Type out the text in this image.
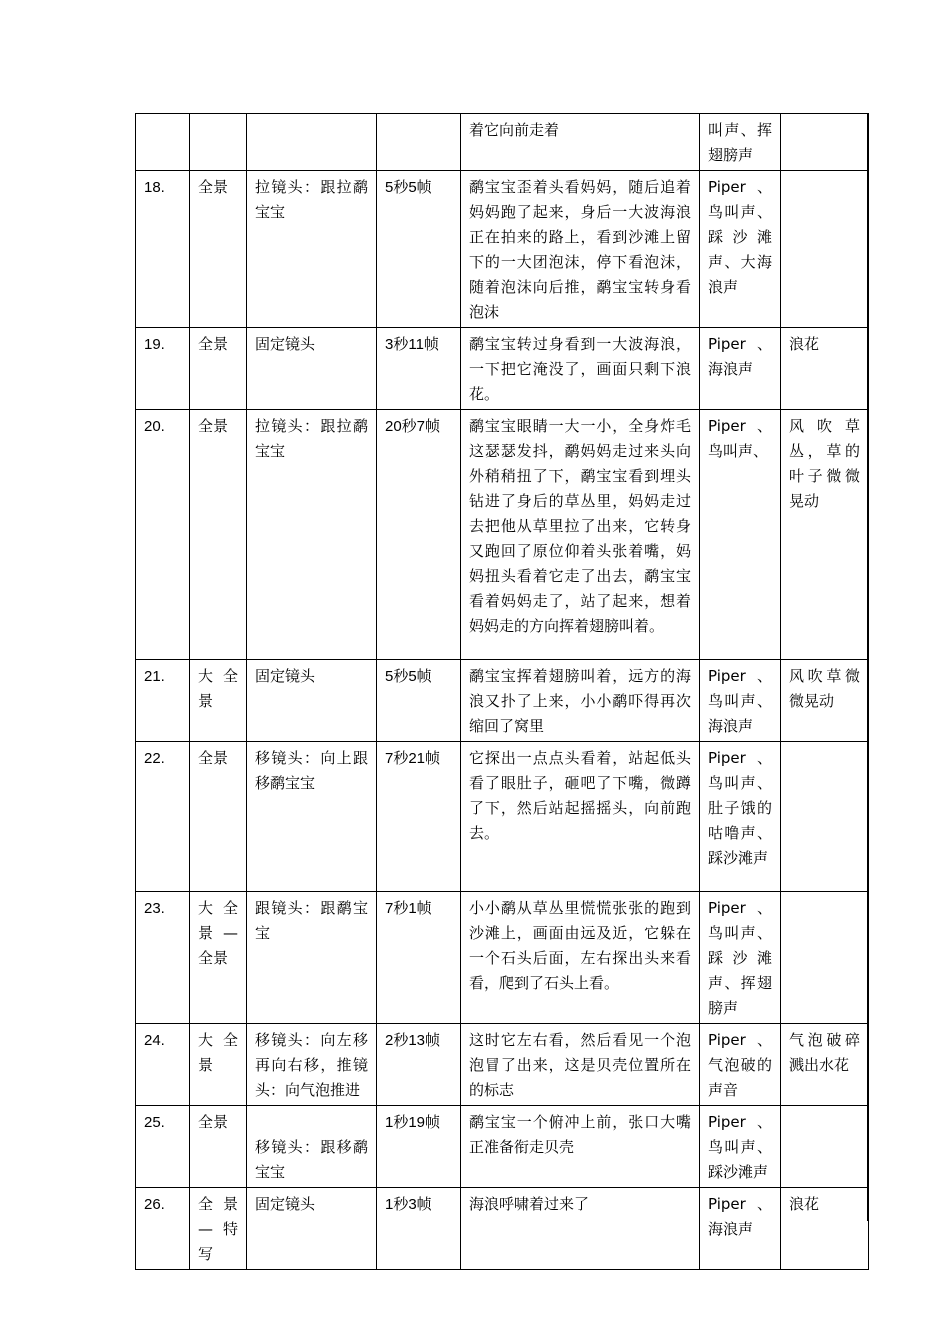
				着它向前走着	叫声、挥翅膀声	
18.	全景	拉镜头：跟拉鹬宝宝	5秒5帧	鹬宝宝歪着头看妈妈，随后追着妈妈跑了起来，身后一大波海浪正在拍来的路上，看到沙滩上留下的一大团泡沫，停下看泡沫，随着泡沫向后推，鹬宝宝转身看泡沫	Piper、鸟叫声、踩沙滩声、大海浪声	
19.	全景	固定镜头	3秒11帧	鹬宝宝转过身看到一大波海浪，一下把它淹没了，画面只剩下浪花。	Piper、海浪声	浪花
20.	全景	拉镜头：跟拉鹬宝宝	20秒7帧	鹬宝宝眼睛一大一小，全身炸毛这瑟瑟发抖，鹬妈妈走过来头向外稍稍扭了下，鹬宝宝看到埋头钻进了身后的草丛里，妈妈走过去把他从草里拉了出来，它转身又跑回了原位仰着头张着嘴，妈妈扭头看着它走了出去，鹬宝宝看着妈妈走了，站了起来，想着妈妈走的方向挥着翅膀叫着。	Piper、鸟叫声、	风吹草丛，草的叶子微微晃动
21.	大全景	固定镜头	5秒5帧	鹬宝宝挥着翅膀叫着，远方的海浪又扑了上来，小小鹬吓得再次缩回了窝里	Piper、鸟叫声、海浪声	风吹草微微晃动
22.	全景	移镜头：向上跟移鹬宝宝	7秒21帧	它探出一点点头看着，站起低头看了眼肚子，砸吧了下嘴，微蹲了下，然后站起摇摇头，向前跑去。	Piper、鸟叫声、肚子饿的咕噜声、踩沙滩声	
23.	大全景—全景	跟镜头：跟鹬宝宝	7秒1帧	小小鹬从草丛里慌慌张张的跑到沙滩上，画面由远及近，它躲在一个石头后面，左右探出头来看看，爬到了石头上看。	Piper、鸟叫声、踩沙滩声、挥翅膀声	
24.	大全景	移镜头：向左移再向右移，推镜头：向气泡推进	2秒13帧	这时它左右看，然后看见一个泡泡冒了出来，这是贝壳位置所在的标志	Piper、气泡破的声音	气泡破碎溅出水花
25.	全景	移镜头：跟移鹬宝宝	1秒19帧	鹬宝宝一个俯冲上前，张口大嘴正准备衔走贝壳	Piper、鸟叫声、踩沙滩声	
26.	全景—特写	固定镜头	1秒3帧	海浪呼啸着过来了	Piper、海浪声	浪花
